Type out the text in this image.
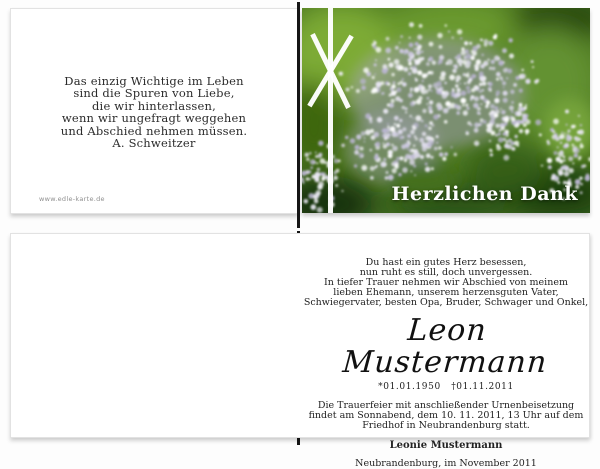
Das einzig Wichtige im Leben
sind die Spuren von Liebe,
die wir hinterlassen,
wenn wir ungefragt weggehen
und Abschied nehmen müssen.
A. Schweitzer
www.edle-karte.de	Herzlichen Dank
Du hast ein gutes Herz besessen,
nun ruht es still, doch unvergessen.
In tiefer Trauer nehmen wir Abschied von meinem
lieben Ehemann, unserem herzensguten Vater,
Schwiegervater, besten Opa, Bruder, Schwager und Onkel,
Leon Mustermann
*01.01.1950 †01.11.2011
Die Trauerfeier mit anschließender Urnenbeisetzung
findet am Sonnabend, dem 10. 11. 2011, 13 Uhr auf dem
Friedhof in Neubrandenburg statt.
Leonie Mustermann
Neubrandenburg, im November 2011
